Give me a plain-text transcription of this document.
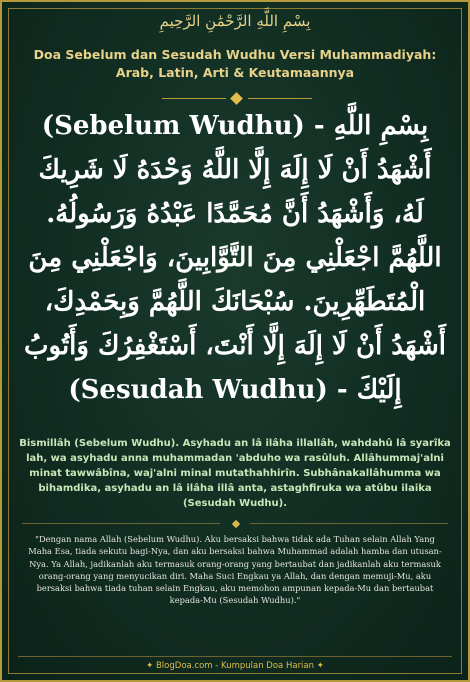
بِسْمِ اللَّهِ الرَّحْمَٰنِ الرَّحِيمِ
Doa Sebelum dan Sesudah Wudhu Versi Muhammadiyah: Arab, Latin, Arti & Keutamaannya
بِسْمِ اللَّهِ - (Sebelum Wudhu) أَشْهَدُ أَنْ لَا إِلَهَ إِلَّا اللَّهُ وَحْدَهُ لَا شَرِيكَ لَهُ، وَأَشْهَدُ أَنَّ مُحَمَّدًا عَبْدُهُ وَرَسُولُهُ. اللَّهُمَّ اجْعَلْنِي مِنَ التَّوَّابِينَ، وَاجْعَلْنِي مِنَ الْمُتَطَهِّرِينَ. سُبْحَانَكَ اللَّهُمَّ وَبِحَمْدِكَ، أَشْهَدُ أَنْ لَا إِلَهَ إِلَّا أَنْتَ، أَسْتَغْفِرُكَ وَأَتُوبُ إِلَيْكَ - (Sesudah Wudhu)
Bismillâh (Sebelum Wudhu). Asyhadu an lâ ilâha illallâh, wahdahû lâ syarîka lah, wa asyhadu anna muhammadan 'abduho wa rasûluh. Allâhummaj'alni minat tawwâbîna, waj'alni minal mutathahhirîn. Subhânakallâhumma wa bihamdika, asyhadu an lâ ilâha illâ anta, astaghfiruka wa atûbu ilaika (Sesudah Wudhu).
"Dengan nama Allah (Sebelum Wudhu). Aku bersaksi bahwa tidak ada Tuhan selain Allah Yang Maha Esa, tiada sekutu bagi-Nya, dan aku bersaksi bahwa Muhammad adalah hamba dan utusan-Nya. Ya Allah, jadikanlah aku termasuk orang-orang yang bertaubat dan jadikanlah aku termasuk orang-orang yang menyucikan diri. Maha Suci Engkau ya Allah, dan dengan memuji-Mu, aku bersaksi bahwa tiada tuhan selain Engkau, aku memohon ampunan kepada-Mu dan bertaubat kepada-Mu (Sesudah Wudhu)."
✦ BlogDoa.com - Kumpulan Doa Harian ✦
